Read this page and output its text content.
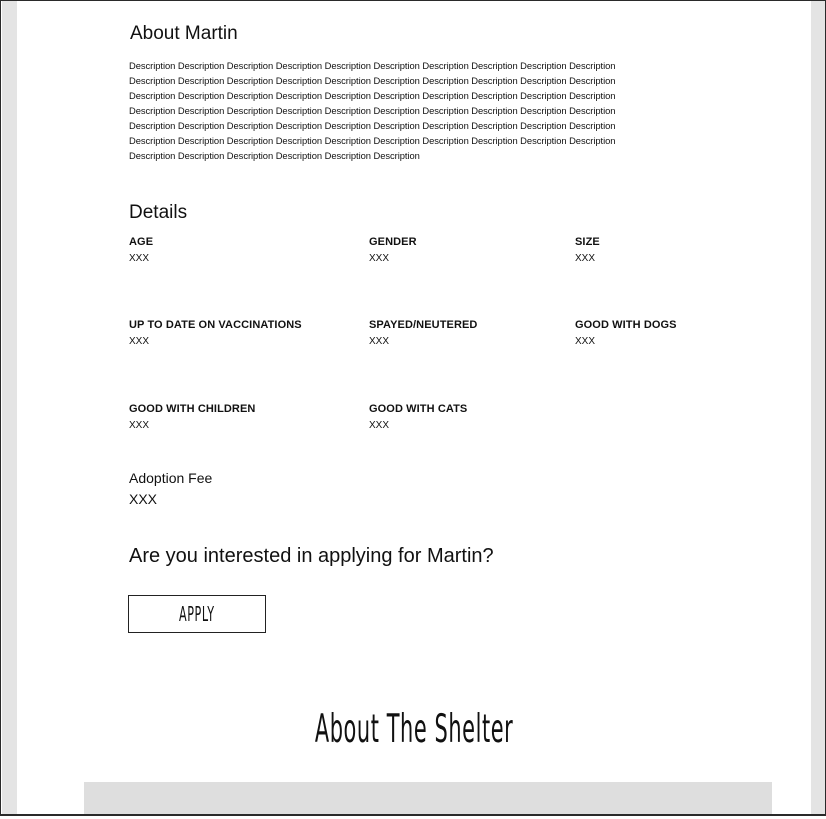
About Martin

Description Description Description Description Description Description Description Description Description Description Description Description Description Description Description Description Description Description Description Description Description Description Description Description Description Description Description Description Description Description Description Description Description Description Description Description Description Description Description Description Description Description Description Description Description Description Description Description Description Description Description Description Description Description Description Description Description Description Description Description Description Description Description Description Description Description

Details
AGE
XXX
GENDER
XXX
SIZE
XXX
UP TO DATE ON VACCINATIONS
XXX
SPAYED/NEUTERED
XXX
GOOD WITH DOGS
XXX
GOOD WITH CHILDREN
XXX
GOOD WITH CATS
XXX
Adoption Fee
XXX
Are you interested in applying for Martin?
APPLY
About The Shelter
